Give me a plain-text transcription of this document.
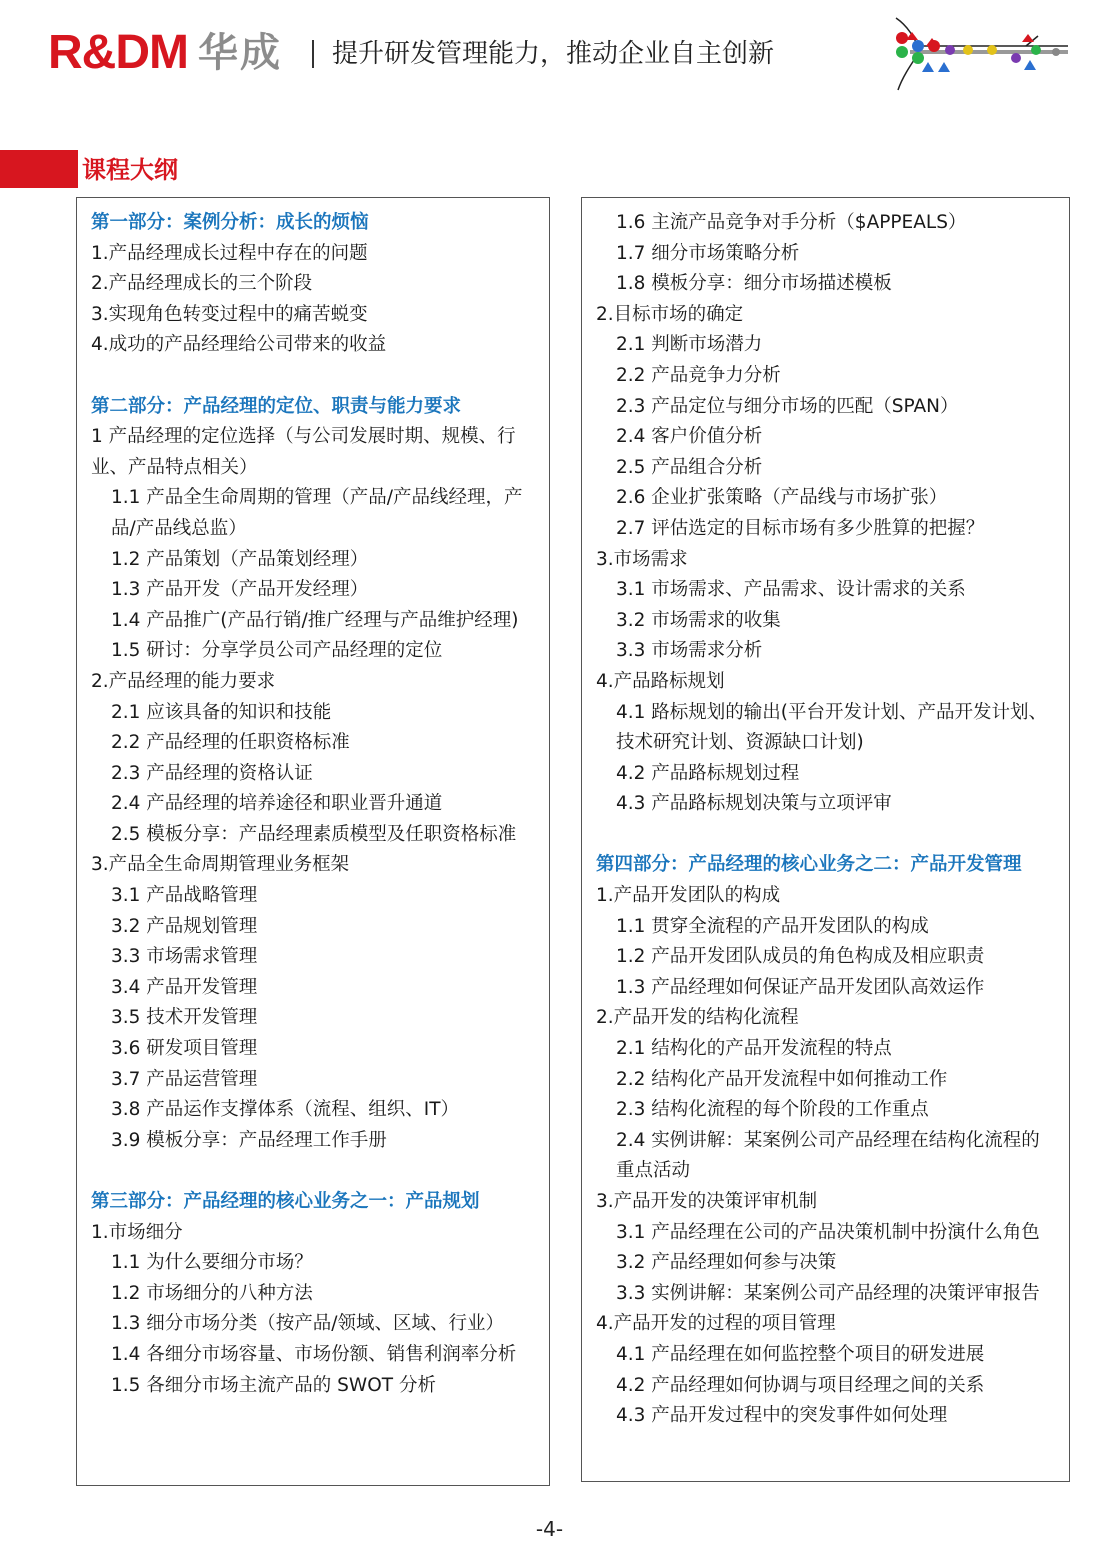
R&DM 华成 提升研发管理能力，推动企业自主创新
课程大纲
第一部分：案例分析：成长的烦恼
1.产品经理成长过程中存在的问题
2.产品经理成长的三个阶段
3.实现角色转变过程中的痛苦蜕变
4.成功的产品经理给公司带来的收益
第二部分：产品经理的定位、职责与能力要求
1 产品经理的定位选择（与公司发展时期、规模、行
业、产品特点相关）
1.1 产品全生命周期的管理（产品/产品线经理，产
品/产品线总监）
1.2 产品策划（产品策划经理）
1.3 产品开发（产品开发经理）
1.4 产品推广(产品行销/推广经理与产品维护经理)
1.5 研讨：分享学员公司产品经理的定位
2.产品经理的能力要求
2.1 应该具备的知识和技能
2.2 产品经理的任职资格标准
2.3 产品经理的资格认证
2.4 产品经理的培养途径和职业晋升通道
2.5 模板分享：产品经理素质模型及任职资格标准
3.产品全生命周期管理业务框架
3.1 产品战略管理
3.2 产品规划管理
3.3 市场需求管理
3.4 产品开发管理
3.5 技术开发管理
3.6 研发项目管理
3.7 产品运营管理
3.8 产品运作支撑体系（流程、组织、IT）
3.9 模板分享：产品经理工作手册
第三部分：产品经理的核心业务之一：产品规划
1.市场细分
1.1 为什么要细分市场？
1.2 市场细分的八种方法
1.3 细分市场分类（按产品/领域、区域、行业）
1.4 各细分市场容量、市场份额、销售利润率分析
1.5 各细分市场主流产品的 SWOT 分析
1.6 主流产品竞争对手分析（$APPEALS）
1.7 细分市场策略分析
1.8 模板分享：细分市场描述模板
2.目标市场的确定
2.1 判断市场潜力
2.2 产品竞争力分析
2.3 产品定位与细分市场的匹配（SPAN）
2.4 客户价值分析
2.5 产品组合分析
2.6 企业扩张策略（产品线与市场扩张）
2.7 评估选定的目标市场有多少胜算的把握？
3.市场需求
3.1 市场需求、产品需求、设计需求的关系
3.2 市场需求的收集
3.3 市场需求分析
4.产品路标规划
4.1 路标规划的输出(平台开发计划、产品开发计划、
技术研究计划、资源缺口计划)
4.2 产品路标规划过程
4.3 产品路标规划决策与立项评审
第四部分：产品经理的核心业务之二：产品开发管理
1.产品开发团队的构成
1.1 贯穿全流程的产品开发团队的构成
1.2 产品开发团队成员的角色构成及相应职责
1.3 产品经理如何保证产品开发团队高效运作
2.产品开发的结构化流程
2.1 结构化的产品开发流程的特点
2.2 结构化产品开发流程中如何推动工作
2.3 结构化流程的每个阶段的工作重点
2.4 实例讲解：某案例公司产品经理在结构化流程的
重点活动
3.产品开发的决策评审机制
3.1 产品经理在公司的产品决策机制中扮演什么角色
3.2 产品经理如何参与决策
3.3 实例讲解：某案例公司产品经理的决策评审报告
4.产品开发的过程的项目管理
4.1 产品经理在如何监控整个项目的研发进展
4.2 产品经理如何协调与项目经理之间的关系
4.3 产品开发过程中的突发事件如何处理
-4-
